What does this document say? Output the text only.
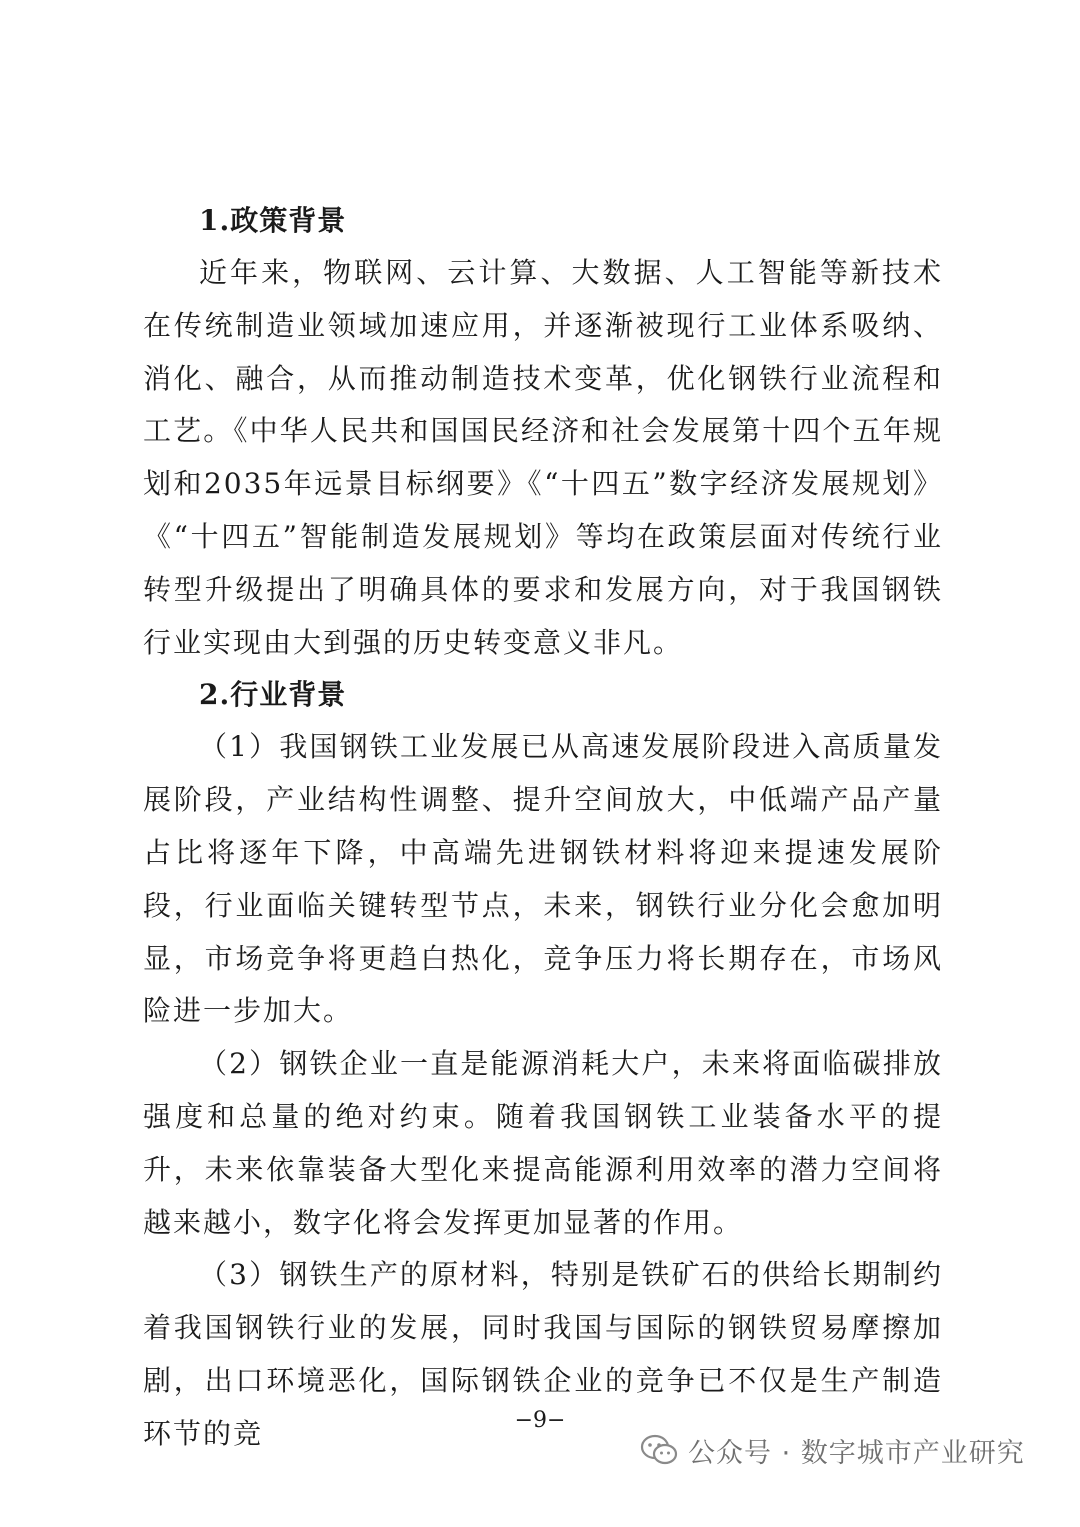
1.政策背景

近年来，物联网、云计算、大数据、人工智能等新技术在传统制造业领域加速应用，并逐渐被现行工业体系吸纳、消化、融合，从而推动制造技术变革，优化钢铁行业流程和工艺。《中华人民共和国国民经济和社会发展第十四个五年规划和2035年远景目标纲要》《“十四五”数字经济发展规划》《“十四五”智能制造发展规划》等均在政策层面对传统行业转型升级提出了明确具体的要求和发展方向，对于我国钢铁行业实现由大到强的历史转变意义非凡。

2.行业背景

（1）我国钢铁工业发展已从高速发展阶段进入高质量发展阶段，产业结构性调整、提升空间放大，中低端产品产量占比将逐年下降，中高端先进钢铁材料将迎来提速发展阶段，行业面临关键转型节点，未来，钢铁行业分化会愈加明显，市场竞争将更趋白热化，竞争压力将长期存在，市场风险进一步加大。

（2）钢铁企业一直是能源消耗大户，未来将面临碳排放强度和总量的绝对约束。随着我国钢铁工业装备水平的提升，未来依靠装备大型化来提高能源利用效率的潜力空间将越来越小，数字化将会发挥更加显著的作用。

（3）钢铁生产的原材料，特别是铁矿石的供给长期制约着我国钢铁行业的发展，同时我国与国际的钢铁贸易摩擦加剧，出口环境恶化，国际钢铁企业的竞争已不仅是生产制造环节的竞	−9−
公众号 · 数字城市产业研究
